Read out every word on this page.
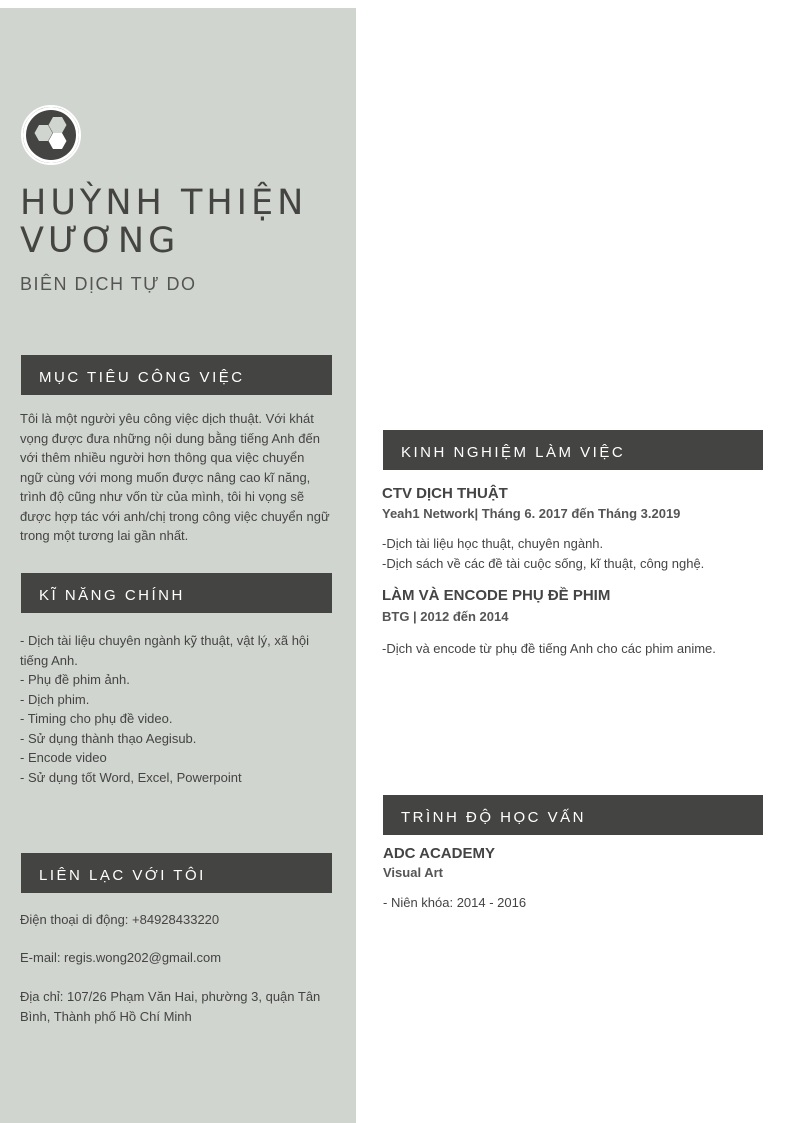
HUỲNH THIỆN VƯƠNG
BIÊN DỊCH TỰ DO
MỤC TIÊU CÔNG VIỆC
Tôi là một người yêu công việc dịch thuật. Với khát vọng được đưa những nội dung bằng tiếng Anh đến với thêm nhiều người hơn thông qua việc chuyển ngữ cùng với mong muốn được nâng cao kĩ năng, trình độ cũng như vốn từ của mình, tôi hi vọng sẽ được hợp tác với anh/chị trong công việc chuyển ngữ trong một tương lai gần nhất.
KĨ NĂNG CHÍNH
- Dịch tài liệu chuyên ngành kỹ thuật, vật lý, xã hội tiếng Anh.
- Phụ đề phim ảnh.
- Dịch phim.
- Timing cho phụ đề video.
- Sử dụng thành thạo Aegisub.
- Encode video
- Sử dụng tốt Word, Excel, Powerpoint
LIÊN LẠC VỚI TÔI
Điện thoại di động: +84928433220
E-mail: regis.wong202@gmail.com
Địa chỉ: 107/26 Phạm Văn Hai, phường 3, quận Tân Bình, Thành phố Hồ Chí Minh
KINH NGHIỆM LÀM VIỆC
CTV DỊCH THUẬT
Yeah1 Network| Tháng 6. 2017 đến Tháng 3.2019
-Dịch tài liệu học thuật, chuyên ngành.
-Dịch sách về các đề tài cuộc sống, kĩ thuật, công nghệ.
LÀM VÀ ENCODE PHỤ ĐỀ PHIM
BTG | 2012 đến 2014
-Dịch và encode từ phụ đề tiếng Anh cho các phim anime.
TRÌNH ĐỘ HỌC VẤN
ADC ACADEMY
Visual Art
- Niên khóa: 2014 - 2016
